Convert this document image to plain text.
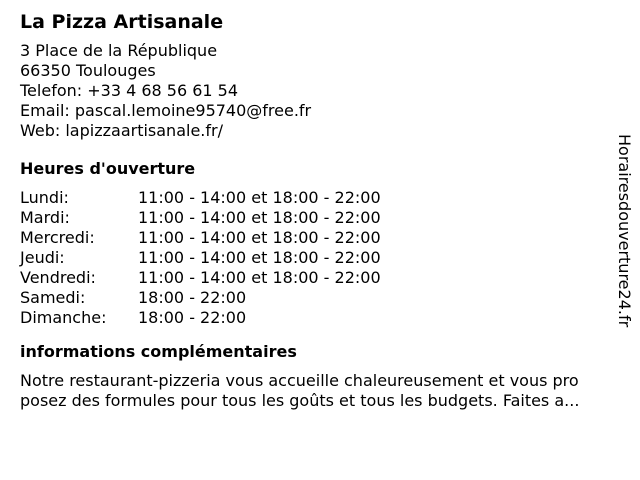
La Pizza Artisanale
3 Place de la République
66350 Toulouges
Telefon: +33 4 68 56 61 54
Email: pascal.lemoine95740@free.fr
Web: lapizzaartisanale.fr/
Heures d'ouverture
Lundi:	11:00 - 14:00 et 18:00 - 22:00
Mardi:	11:00 - 14:00 et 18:00 - 22:00
Mercredi:	11:00 - 14:00 et 18:00 - 22:00
Jeudi:	11:00 - 14:00 et 18:00 - 22:00
Vendredi:	11:00 - 14:00 et 18:00 - 22:00
Samedi:	18:00 - 22:00
Dimanche:	18:00 - 22:00
informations complémentaires
Notre restaurant-pizzeria vous accueille chaleureusement et vous pro
posez des formules pour tous les goûts et tous les budgets. Faites a...
Horairesdouverture24.fr
